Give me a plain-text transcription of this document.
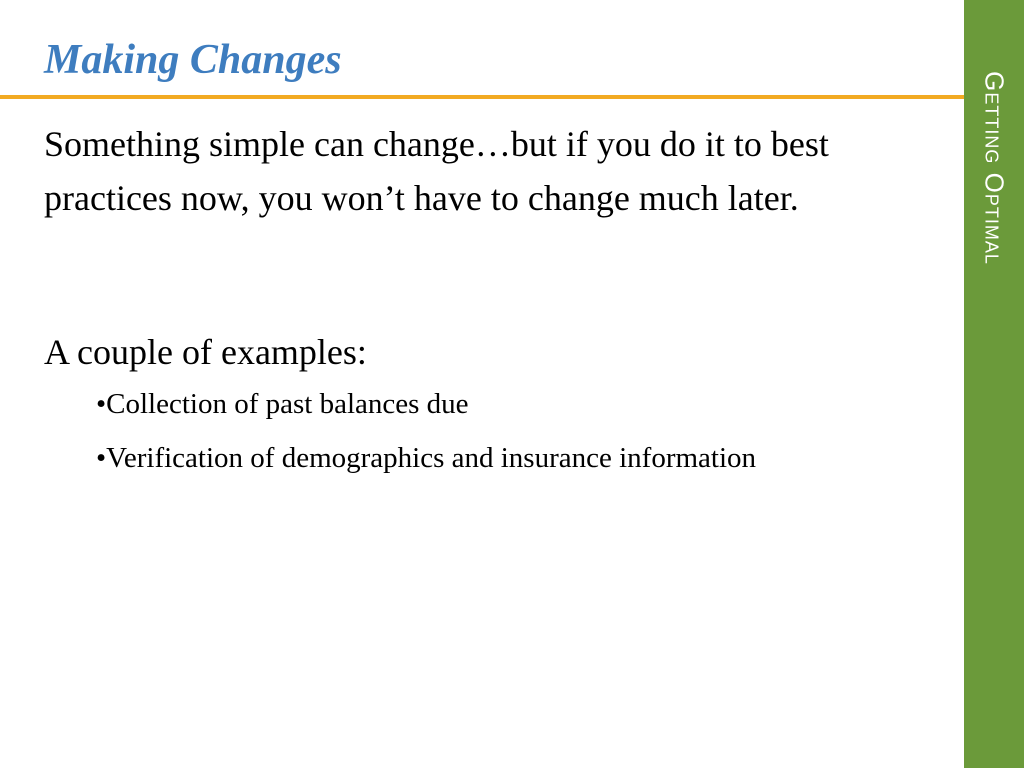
Making Changes
Getting Optimal

Something simple can change…but if you do it to best practices now, you won’t have to change much later.

A couple of examples:

•Collection of past balances due
•Verification of demographics and insurance information
